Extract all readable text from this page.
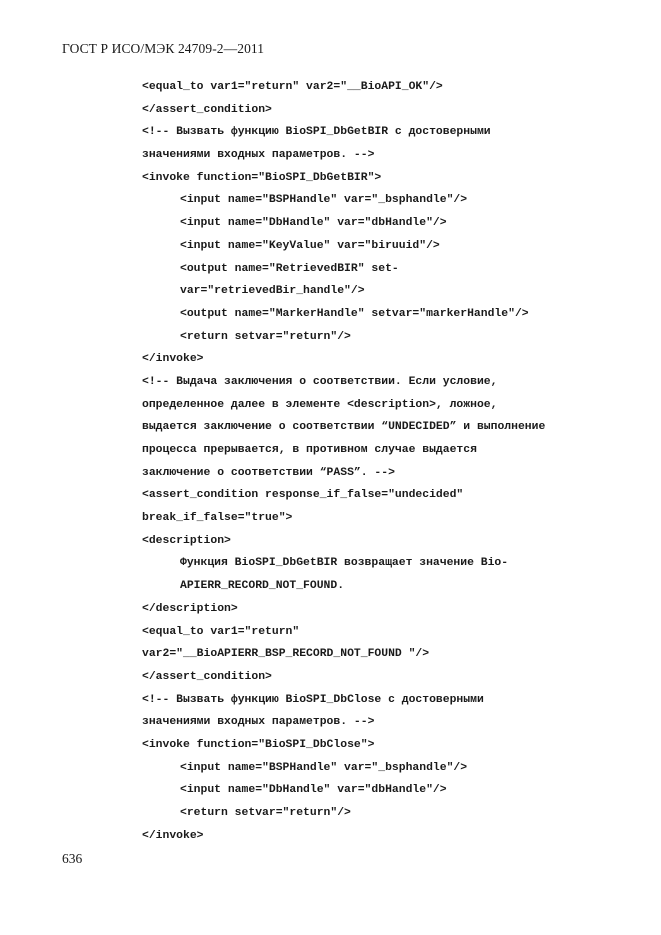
ГОСТ Р ИСО/МЭК 24709-2—2011
<equal_to var1="return" var2="__BioAPI_OK"/>
</assert_condition>
<!-- Вызвать функцию BioSPI_DbGetBIR с достоверными
значениями входных параметров. -->
<invoke function="BioSPI_DbGetBIR">
<input name="BSPHandle" var="_bsphandle"/>
<input name="DbHandle" var="dbHandle"/>
<input name="KeyValue" var="biruuid"/>
<output name="RetrievedBIR" set-
var="retrievedBir_handle"/>
<output name="MarkerHandle" setvar="markerHandle"/>
<return setvar="return"/>
</invoke>
<!-- Выдача заключения о соответствии. Если условие,
определенное далее в элементе <description>, ложное,
выдается заключение о соответствии “UNDECIDED” и выполнение
процесса прерывается, в противном случае выдается
заключение о соответствии “PASS”. -->
<assert_condition response_if_false="undecided"
break_if_false="true">
<description>
Функция BioSPI_DbGetBIR возвращает значение Bio-
APIERR_RECORD_NOT_FOUND.
</description>
<equal_to var1="return"
var2="__BioAPIERR_BSP_RECORD_NOT_FOUND "/>
</assert_condition>
<!-- Вызвать функцию BioSPI_DbClose с достоверными
значениями входных параметров. -->
<invoke function="BioSPI_DbClose">
<input name="BSPHandle" var="_bsphandle"/>
<input name="DbHandle" var="dbHandle"/>
<return setvar="return"/>
</invoke>
636
